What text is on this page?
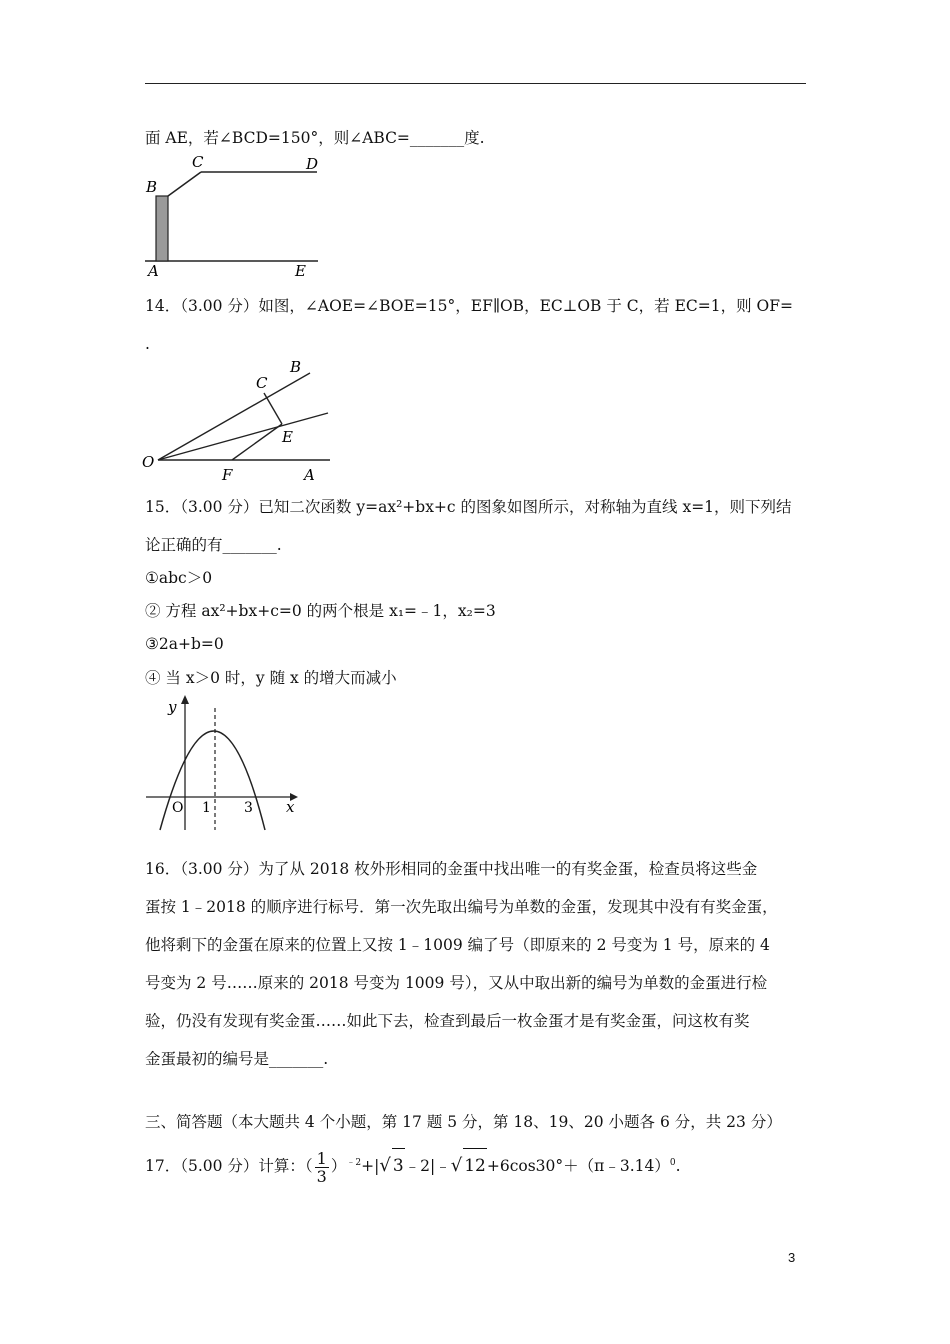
面 AE，若∠BCD=150°，则∠ABC=_______度.
B
C	D
A	E
14．（3.00 分）如图，∠AOE=∠BOE=15°，EF∥OB，EC⊥OB 于 C，若 EC=1，则 OF=
.
B
C
E
O
F	A
15．（3.00 分）已知二次函数 y=ax²+bx+c 的图象如图所示，对称轴为直线 x=1，则下列结
论正确的有_______.
①abc＞0
② 方程 ax²+bx+c=0 的两个根是 x₁=﹣1，x₂=3
③2a+b=0
④ 当 x＞0 时，y 随 x 的增大而减小
y
x
O 1 3
16．（3.00 分）为了从 2018 枚外形相同的金蛋中找出唯一的有奖金蛋，检查员将这些金
蛋按 1﹣2018 的顺序进行标号．第一次先取出编号为单数的金蛋，发现其中没有有奖金蛋，
他将剩下的金蛋在原来的位置上又按 1﹣1009 编了号（即原来的 2 号变为 1 号，原来的 4
号变为 2 号……原来的 2018 号变为 1009 号），又从中取出新的编号为单数的金蛋进行检
验，仍没有发现有奖金蛋……如此下去，检查到最后一枚金蛋才是有奖金蛋，问这枚有奖
金蛋最初的编号是_______.
三、简答题（本大题共 4 个小题，第 17 题 5 分，第 18、19、20 小题各 6 分，共 23 分）
17．（5.00 分）计算：（ $\frac{1}{3} )^{﹣2}+|√$ 3﹣2|﹣√ 12+6cos30°＋（π﹣3.14）$^0$.
3
